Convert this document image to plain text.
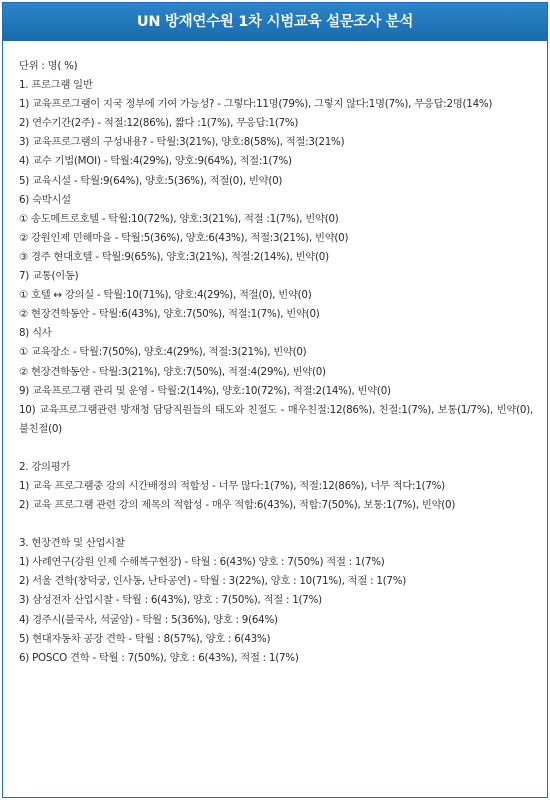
UN 방재연수원 1차 시범교육 설문조사 분석
단위 : 명( %)
1. 프로그램 일반
1) 교육프로그램이 지국 정부에 기여 가능성? - 그렇다:11명(79%), 그렇지 않다:1명(7%), 무응답:2명(14%)
2) 연수기간(2주) - 적절:12(86%), 짧다 :1(7%), 무응답:1(7%)
3) 교육프로그램의 구성내용? - 탁월:3(21%), 양호:8(58%), 적절:3(21%)
4) 교수 기법(MOI) - 탁월:4(29%), 양호:9(64%), 적절:1(7%)
5) 교육시설 - 탁월:9(64%), 양호:5(36%), 적절(0), 빈약(0)
6) 숙박시설
① 송도메트로호텔 - 탁월:10(72%), 양호:3(21%), 적절 :1(7%), 빈약(0)
② 강원인제 민해마을 - 탁월:5(36%), 양호:6(43%), 적절:3(21%), 빈약(0)
③ 경주 현대호텔 - 탁월:9(65%), 양호:3(21%), 적절:2(14%), 빈약(0)
7) 교통(이동)
① 호텔 ↔ 강의실 - 탁월:10(71%), 양호:4(29%), 적절(0), 빈약(0)
② 현장견학동안 - 탁월:6(43%), 양호:7(50%), 적절:1(7%), 빈약(0)
8) 식사
① 교육장소 - 탁월:7(50%), 양호:4(29%), 적절:3(21%), 빈약(0)
② 현장견학동안 - 탁월:3(21%), 양호:7(50%), 적절:4(29%), 빈약(0)
9) 교육프로그램 관리 및 운영 - 탁월:2(14%), 양호:10(72%), 적절:2(14%), 빈약(0)
10) 교육프로그램관련 방재청 담당직원들의 태도와 친절도 - 매우친절:12(86%), 친절:1(7%), 보통(1/7%), 빈약(0), 불친절(0)
2. 강의평가
1) 교육 프로그램중 강의 시간배정의 적합성 - 너무 많다:1(7%), 적절:12(86%), 너무 적다:1(7%)
2) 교육 프로그램 관련 강의 제목의 적합성 - 매우 적합:6(43%), 적합:7(50%), 보통:1(7%), 빈약(0)
3. 현장견학 및 산업시찰
1) 사례연구(강원 인제 수해복구현장) - 탁월 : 6(43%) 양호 : 7(50%) 적절 : 1(7%)
2) 서울 견학(창덕궁, 인사동, 난타공연) - 탁월 : 3(22%), 양호 : 10(71%), 적절 : 1(7%)
3) 삼성전자 산업시찰 - 탁월 : 6(43%), 양호 : 7(50%), 적절 : 1(7%)
4) 경주시(불국사, 석굴암) - 탁월 : 5(36%), 양호 : 9(64%)
5) 현대자동차 공장 견학 - 탁월 : 8(57%), 양호 : 6(43%)
6) POSCO 견학 - 탁월 : 7(50%), 양호 : 6(43%), 적절 : 1(7%)
